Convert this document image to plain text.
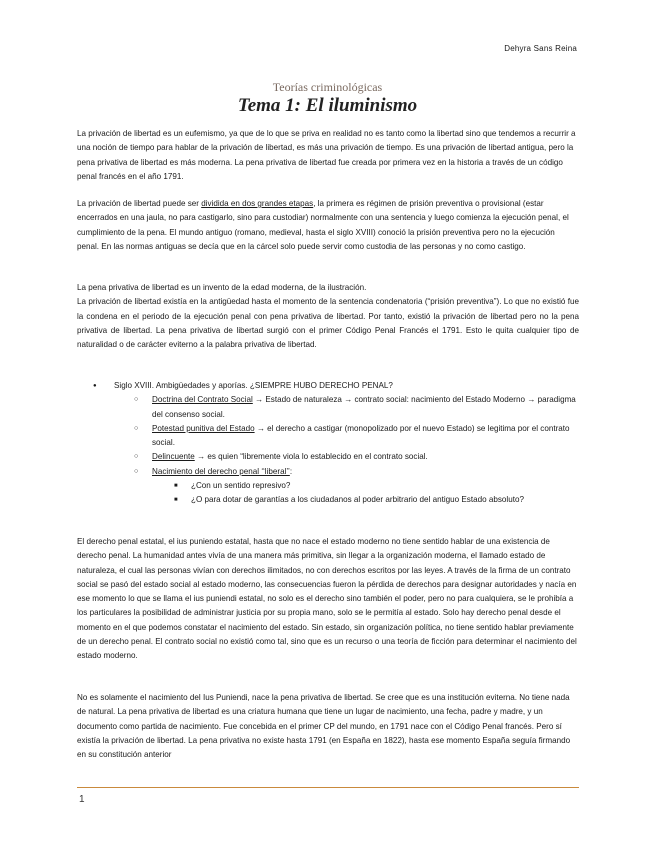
Dehyra Sans Reina
Teorías criminológicas
Tema 1: El iluminismo

La privación de libertad es un eufemismo, ya que de lo que se priva en realidad no es tanto como la libertad sino que tendemos a recurrir a una noción de tiempo para hablar de la privación de libertad, es más una privación de tiempo. Es una privación de libertad antigua, pero la pena privativa de libertad es más moderna. La pena privativa de libertad fue creada por primera vez en la historia a través de un código penal francés en el año 1791.

La privación de libertad puede ser dividida en dos grandes etapas, la primera es régimen de prisión preventiva o provisional (estar encerrados en una jaula, no para castigarlo, sino para custodiar) normalmente con una sentencia y luego comienza la ejecución penal, el cumplimiento de la pena. El mundo antiguo (romano, medieval, hasta el siglo XVIII) conoció la prisión preventiva pero no la ejecución penal. En las normas antiguas se decía que en la cárcel solo puede servir como custodia de las personas y no como castigo.

La pena privativa de libertad es un invento de la edad moderna, de la ilustración.

La privación de libertad existía en la antigüedad hasta el momento de la sentencia condenatoria (“prisión preventiva”). Lo que no existió fue la condena en el periodo de la ejecución penal con pena privativa de libertad. Por tanto, existió la privación de libertad pero no la pena privativa de libertad. La pena privativa de libertad surgió con el primer Código Penal Francés el 1791. Esto le quita cualquier tipo de naturalidad o de carácter eviterno a la palabra privativa de libertad.

● Siglo XVIII. Ambigüedades y aporías. ¿SIEMPRE HUBO DERECHO PENAL?
○ Doctrina del Contrato Social → Estado de naturaleza → contrato social: nacimiento del Estado Moderno → paradigma del consenso social.
○ Potestad punitiva del Estado → el derecho a castigar (monopolizado por el nuevo Estado) se legitima por el contrato social.
○ Delincuente → es quien “libremente viola lo establecido en el contrato social.
○ Nacimiento del derecho penal ‘‘liberal’’:
■ ¿Con un sentido represivo?
■ ¿O para dotar de garantías a los ciudadanos al poder arbitrario del antiguo Estado absoluto?

El derecho penal estatal, el ius puniendo estatal, hasta que no nace el estado moderno no tiene sentido hablar de una existencia de derecho penal. La humanidad antes vivía de una manera más primitiva, sin llegar a la organización moderna, el llamado estado de naturaleza, el cual las personas vivían con derechos ilimitados, no con derechos escritos por las leyes. A través de la firma de un contrato social se pasó del estado social al estado moderno, las consecuencias fueron la pérdida de derechos para designar autoridades y nacía en ese momento lo que se llama el ius puniendi estatal, no solo es el derecho sino también el poder, pero no para cualquiera, se le prohibía a los particulares la posibilidad de administrar justicia por su propia mano, solo se le permitía al estado. Solo hay derecho penal desde el momento en el que podemos constatar el nacimiento del estado. Sin estado, sin organización política, no tiene sentido hablar previamente de un derecho penal. El contrato social no existió como tal, sino que es un recurso o una teoría de ficción para determinar el nacimiento del estado moderno.

No es solamente el nacimiento del Ius Puniendi, nace la pena privativa de libertad. Se cree que es una institución eviterna. No tiene nada de natural. La pena privativa de libertad es una criatura humana que tiene un lugar de nacimiento, una fecha, padre y madre, y un documento como partida de nacimiento. Fue concebida en el primer CP del mundo, en 1791 nace con el Código Penal francés. Pero sí existía la privación de libertad. La pena privativa no existe hasta 1791 (en España en 1822), hasta ese momento España seguía firmando en su constitución anterior

1
